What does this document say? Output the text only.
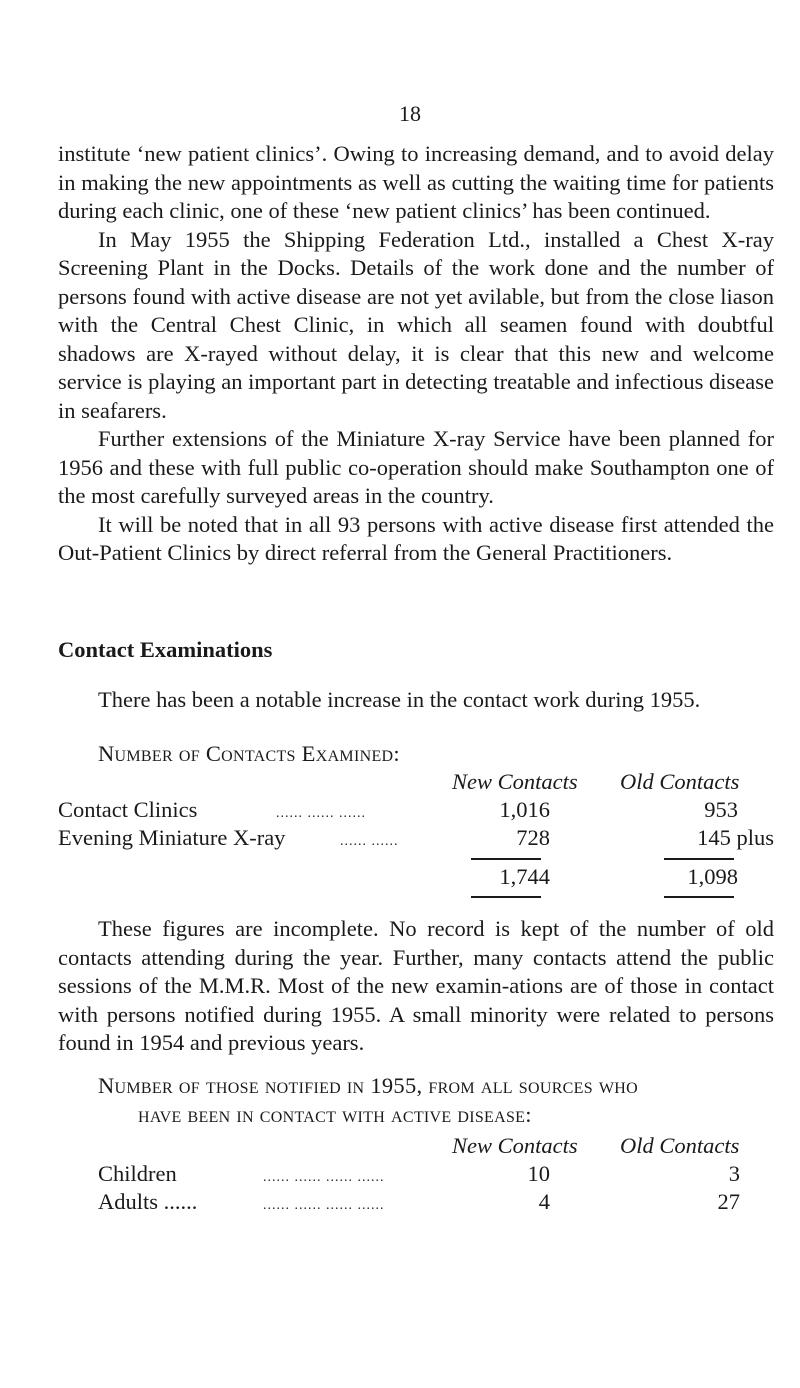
18

institute ‘new patient clinics’. Owing to increasing demand, and to avoid delay in making the new appointments as well as cutting the waiting time for patients during each clinic, one of these ‘new patient clinics’ has been continued.

In May 1955 the Shipping Federation Ltd., installed a Chest X-ray Screening Plant in the Docks. Details of the work done and the number of persons found with active disease are not yet avilable, but from the close liason with the Central Chest Clinic, in which all seamen found with doubtful shadows are X-rayed without delay, it is clear that this new and welcome service is playing an important part in detecting treatable and infectious disease in seafarers.

Further extensions of the Miniature X-ray Service have been planned for 1956 and these with full public co-operation should make Southampton one of the most carefully surveyed areas in the country.

It will be noted that in all 93 persons with active disease first attended the Out-Patient Clinics by direct referral from the General Practitioners.

Contact Examinations

There has been a notable increase in the contact work during 1955.

Number of Contacts Examined:
New Contacts Old Contacts
Contact Clinics	...... ...... ......	1,016	953
Evening Miniature X-ray	...... ......	728	145 plus
1,744	1,098

These figures are incomplete. No record is kept of the number of old contacts attending during the year. Further, many contacts attend the public sessions of the M.M.R. Most of the new examin-ations are of those in contact with persons notified during 1955. A small minority were related to persons found in 1954 and previous years.

Number of those notified in 1955, from all sources who
have been in contact with active disease:
New Contacts Old Contacts
Children	...... ...... ...... ......	10	3
Adults ......	...... ...... ...... ......	4	27
